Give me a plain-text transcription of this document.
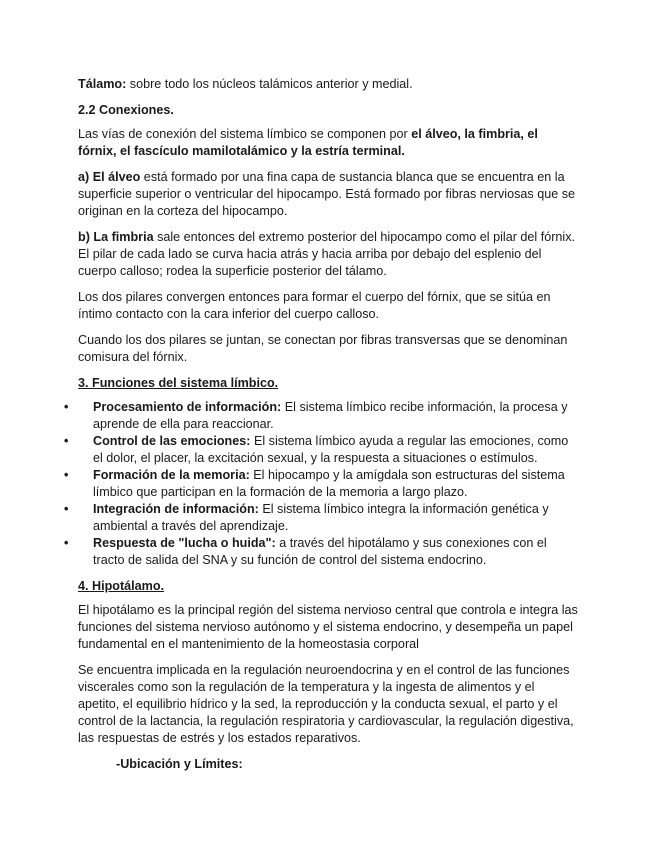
Tálamo: sobre todo los núcleos talámicos anterior y medial.

2.2 Conexiones.

Las vías de conexión del sistema límbico se componen por el álveo, la fimbria, el fórnix, el fascículo mamilotalámico y la estría terminal.

a) El álveo está formado por una fina capa de sustancia blanca que se encuentra en la superficie superior o ventricular del hipocampo. Está formado por fibras nerviosas que se originan en la corteza del hipocampo.

b) La fimbria sale entonces del extremo posterior del hipocampo como el pilar del fórnix. El pilar de cada lado se curva hacia atrás y hacia arriba por debajo del esplenio del cuerpo calloso; rodea la superficie posterior del tálamo.

Los dos pilares convergen entonces para formar el cuerpo del fórnix, que se sitúa en íntimo contacto con la cara inferior del cuerpo calloso.

Cuando los dos pilares se juntan, se conectan por fibras transversas que se denominan comisura del fórnix.

3. Funciones del sistema límbico.
• Procesamiento de información: El sistema límbico recibe información, la procesa y aprende de ella para reaccionar.
• Control de las emociones: El sistema límbico ayuda a regular las emociones, como el dolor, el placer, la excitación sexual, y la respuesta a situaciones o estímulos.
• Formación de la memoria: El hipocampo y la amígdala son estructuras del sistema límbico que participan en la formación de la memoria a largo plazo.
• Integración de información: El sistema límbico integra la información genética y ambiental a través del aprendizaje.
• Respuesta de "lucha o huida": a través del hipotálamo y sus conexiones con el tracto de salida del SNA y su función de control del sistema endocrino.
4. Hipotálamo.

El hipotálamo es la principal región del sistema nervioso central que controla e integra las funciones del sistema nervioso autónomo y el sistema endocrino, y desempeña un papel fundamental en el mantenimiento de la homeostasia corporal

Se encuentra implicada en la regulación neuroendocrina y en el control de las funciones viscerales como son la regulación de la temperatura y la ingesta de alimentos y el apetito, el equilibrio hídrico y la sed, la reproducción y la conducta sexual, el parto y el control de la lactancia, la regulación respiratoria y cardiovascular, la regulación digestiva, las respuestas de estrés y los estados reparativos.

-Ubicación y Límites:
